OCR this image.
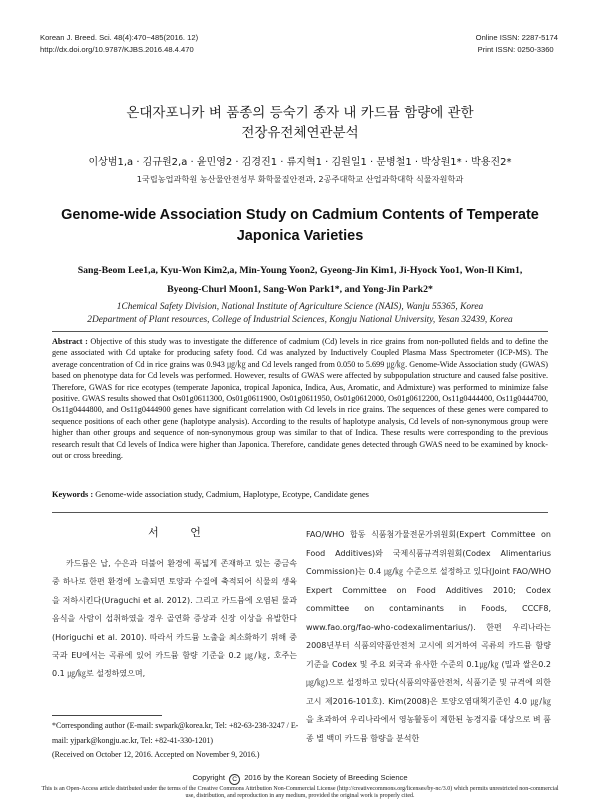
Korean J. Breed. Sci. 48(4):470~485(2016. 12)
http://dx.doi.org/10.9787/KJBS.2016.48.4.470
Online ISSN: 2287-5174
Print ISSN: 0250-3360
온대자포니카 벼 품종의 등숙기 종자 내 카드뮴 함량에 관한
전장유전체연관분석
이상범1,a · 김규원2,a · 윤민영2 · 김경진1 · 류지혁1 · 김원일1 · 문병철1 · 박상원1* · 박용진2*
1국립농업과학원 농산물안전성부 화학물질안전과, 2공주대학교 산업과학대학 식물자원학과
Genome-wide Association Study on Cadmium Contents of Temperate
Japonica Varieties
Sang-Beom Lee1,a, Kyu-Won Kim2,a, Min-Young Yoon2, Gyeong-Jin Kim1, Ji-Hyock Yoo1, Won-Il Kim1,
Byeong-Churl Moon1, Sang-Won Park1*, and Yong-Jin Park2*
1Chemical Safety Division, National Institute of Agriculture Science (NAIS), Wanju 55365, Korea
2Department of Plant resources, College of Industrial Sciences, Kongju National University, Yesan 32439, Korea
Abstract : Objective of this study was to investigate the difference of cadmium (Cd) levels in rice grains from non-polluted fields and to define the gene associated with Cd uptake for producing safety food. Cd was analyzed by Inductively Coupled Plasma Mass Spectrometer (ICP-MS). The average concentration of Cd in rice grains was 0.943 ㎍/㎏ and Cd levels ranged from 0.050 to 5.699 ㎍/㎏. Genome-Wide Association study (GWAS) based on phenotype data for Cd levels was performed. However, results of GWAS were affected by subpopulation structure and caused false positive. Therefore, GWAS for rice ecotypes (temperate Japonica, tropical Japonica, Indica, Aus, Aromatic, and Admixture) was performed to minimize false positive. GWAS results showed that Os01g0611300, Os01g0611900, Os01g0611950, Os01g0612000, Os01g0612200, Os11g0444400, Os11g0444700, Os11g0444800, and Os11g0444900 genes have significant correlation with Cd levels in rice grains. The sequences of these genes were compared to sequence positions of each other gene (haplotype analysis). According to the results of haplotype analysis, Cd levels of non-synonymous group were higher than other groups and sequence of non-synonymous group was similar to that of Indica. These results were corresponding to the previous research result that Cd levels of Indica were higher than Japonica. Therefore, candidate genes detected through GWAS need to be examined by knock-out or cross breeding.
Keywords : Genome-wide association study, Cadmium, Haplotype, Ecotype, Candidate genes
서 언

카드뮴은 납, 수은과 더불어 환경에 폭넓게 존재하고 있는 중금속 중 하나로 한편 환경에 노출되면 토양과 수질에 축적되어 식물의 생육을 저하시킨다(Uraguchi et al. 2012). 그리고 카드뮴에 오염된 물과 음식을 사람이 섭취하였을 경우 골연화 증상과 신장 이상을 유발한다(Horiguchi et al. 2010). 따라서 카드뮴 노출을 최소화하기 위해 중국과 EU에서는 곡류에 있어 카드뮴 함량 기준을 0.2 ㎍/㎏, 호주는 0.1 ㎍/㎏로 설정하였으며,

FAO/WHO 합동 식품첨가물전문가위원회(Expert Committee on Food Additives)와 국제식품규격위원회(Codex Alimentarius Commission)는 0.4 ㎍/㎏ 수준으로 설정하고 있다(Joint FAO/WHO Expert Committee on Food Additives 2010; Codex committee on contaminants in Foods, CCCF8, www.fao.org/fao-who-codexalimentarius/). 한편 우리나라는 2008년부터 식품의약품안전처 고시에 의거하여 곡류의 카드뮴 함량 기준을 Codex 및 주요 외국과 유사한 수준의 0.1㎍/㎏ (밀과 쌀은0.2㎍/㎏)으로 설정하고 있다(식품의약품안전처, 식품기준 및 규격에 의한 고시 제2016-101호). Kim(2008)은 토양오염대책기준인 4.0 ㎍/㎏을 초과하여 우리나라에서 영농활동이 제한된 농경지를 대상으로 벼 품종 별 백미 카드뮴 함량을 분석한

*Corresponding author (E-mail: swpark@korea.kr, Tel: +82-63-238-3247 / E-mail: yjpark@kongju.ac.kr, Tel: +82-41-330-1201)
(Received on October 12, 2016. Accepted on November 9, 2016.)
Copyright C 2016 by the Korean Society of Breeding Science
This is an Open-Access article distributed under the terms of the Creative Commons Attribution Non-Commercial License (http://creativecommons.org/licenses/by-nc/3.0) which permits unrestricted non-commercial use, distribution, and reproduction in any medium, provided the original work is properly cited.
